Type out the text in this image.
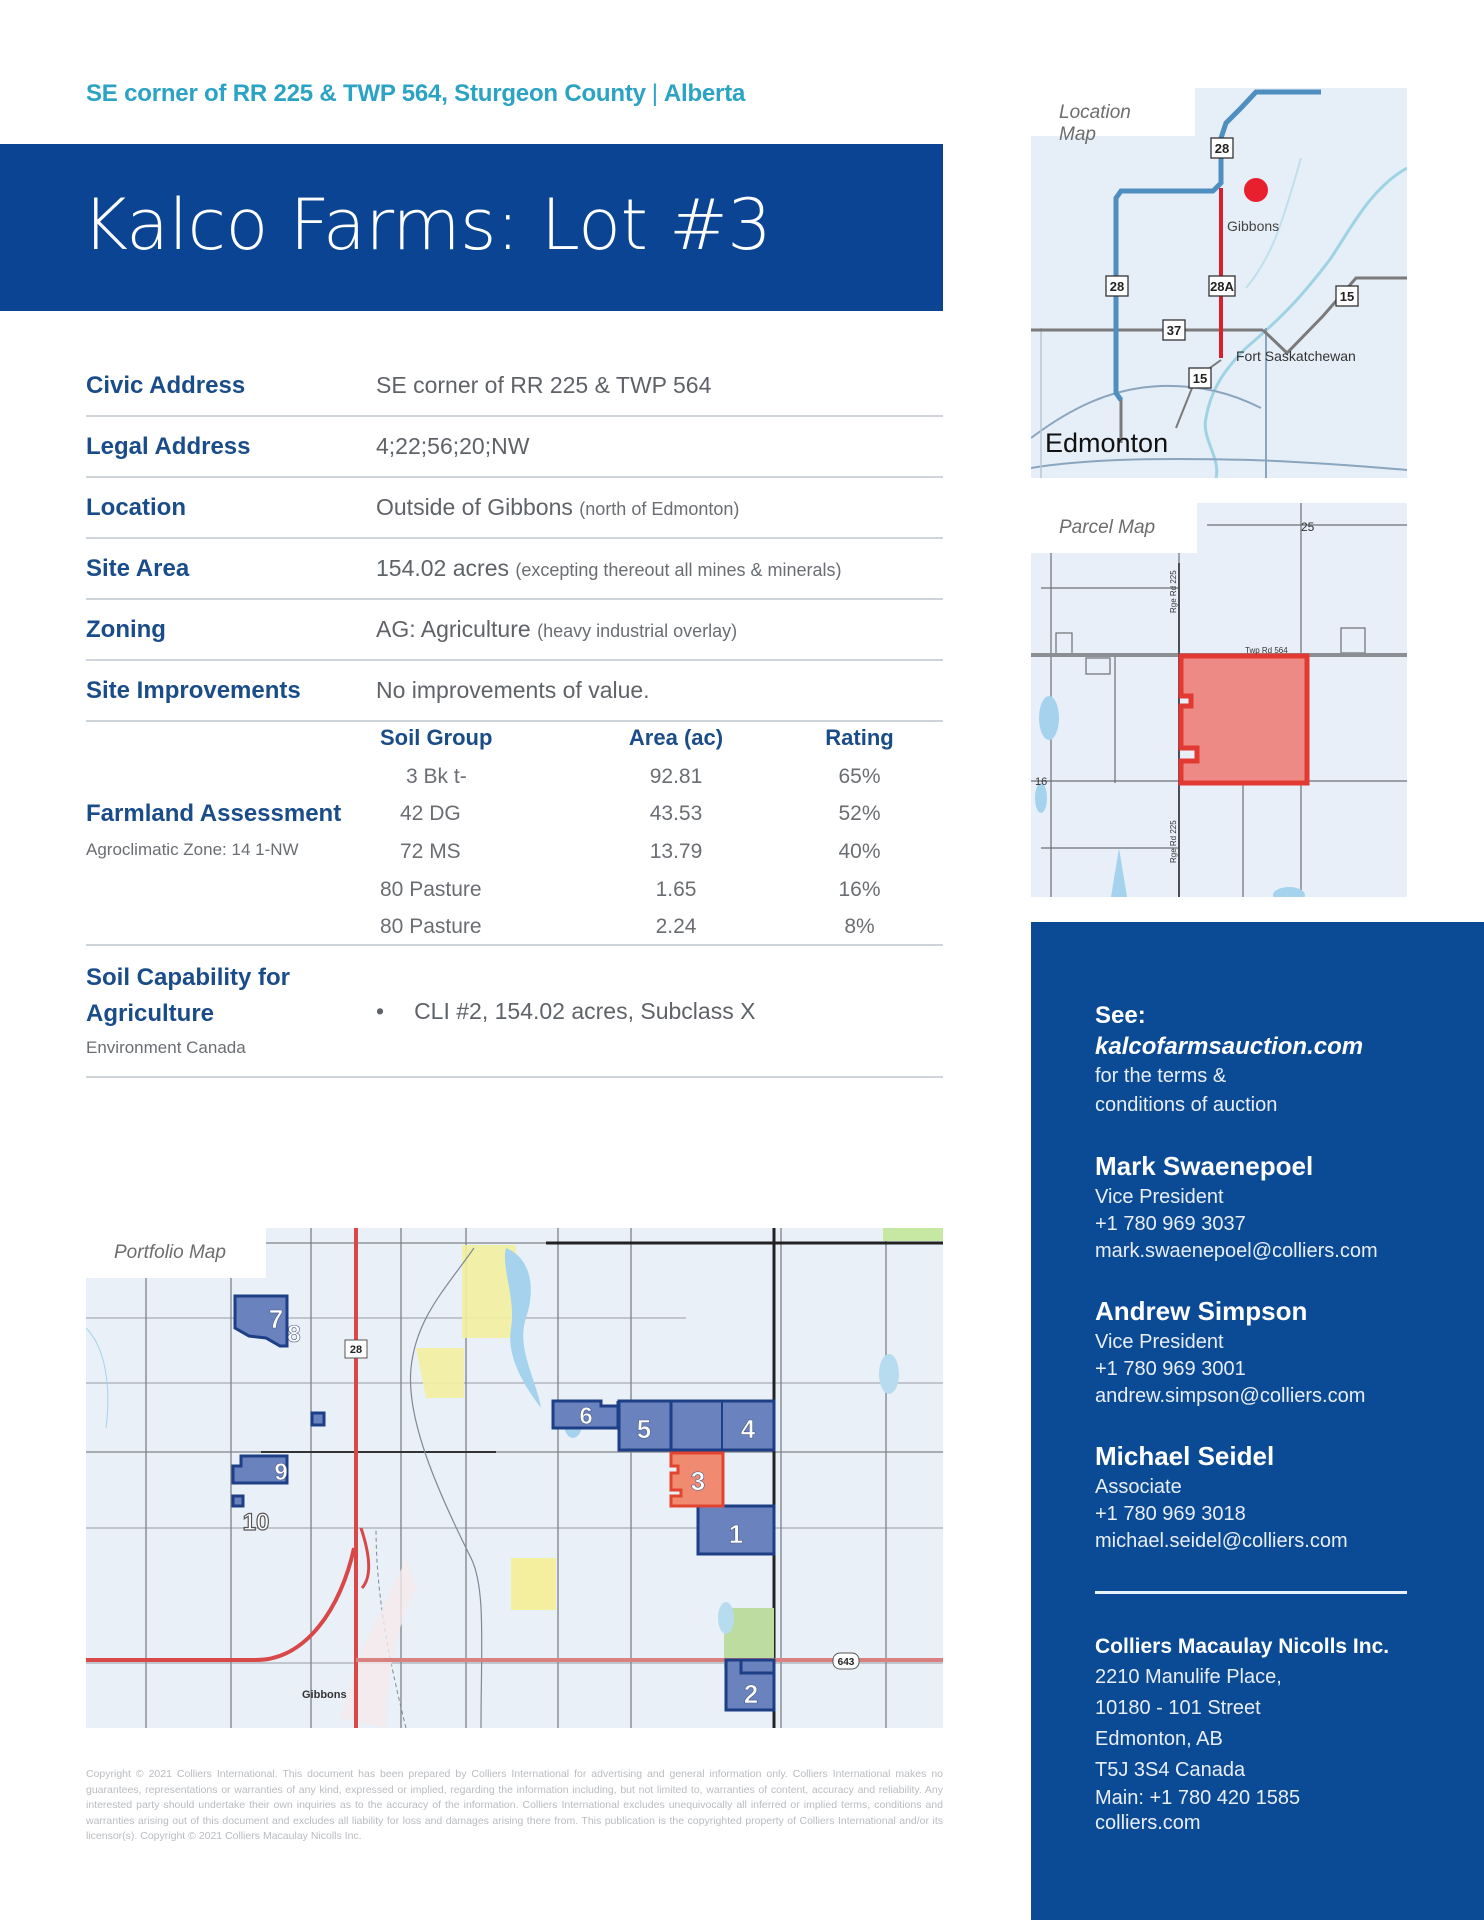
SE corner of RR 225 & TWP 564, Sturgeon County | Alberta
Kalco Farms: Lot #3
Civic Address	SE corner of RR 225 & TWP 564
Legal Address	4;22;56;20;NW
Location	Outside of Gibbons (north of Edmonton)
Site Area	154.02 acres (excepting thereout all mines & minerals)
Zoning	AG: Agriculture (heavy industrial overlay)
Site Improvements	No improvements of value.
Farmland Assessment
Agroclimatic Zone: 14 1-NW
Soil Group	Area (ac)	Rating
3 Bk t-	92.81	65%
42 DG	43.53	52%
72 MS	13.79	40%
80 Pasture	1.65	16%
80 Pasture	2.24	8%
Soil Capability for Agriculture
Environment Canada
• CLI #2, 154.02 acres, Subclass X
28
28	28A
37
15
15
Location Map
Gibbons
Fort Saskatchewan
Edmonton
Twp Rd 564
25
16
Rge Rd 225
Rge Rd 225
Parcel Map
7
8
9
10
5	4
6
3
1
2
28
643
Gibbons
Portfolio Map
See:
kalcofarmsauction.com
for the terms &
conditions of auction
Mark Swaenepoel
Vice President
+1 780 969 3037
mark.swaenepoel@colliers.com
Andrew Simpson
Vice President
+1 780 969 3001
andrew.simpson@colliers.com
Michael Seidel
Associate
+1 780 969 3018
michael.seidel@colliers.com
Colliers Macaulay Nicolls Inc.
2210 Manulife Place,
10180 - 101 Street
Edmonton, AB
T5J 3S4 Canada
Main: +1 780 420 1585
colliers.com
Copyright © 2021 Colliers International. This document has been prepared by Colliers International for advertising and general information only. Colliers International makes no guarantees, representations or warranties of any kind, expressed or implied, regarding the information including, but not limited to, warranties of content, accuracy and reliability. Any interested party should undertake their own inquiries as to the accuracy of the information. Colliers International excludes unequivocally all inferred or implied terms, conditions and warranties arising out of this document and excludes all liability for loss and damages arising there from. This publication is the copyrighted property of Colliers International and/or its licensor(s). Copyright © 2021 Colliers Macaulay Nicolls Inc.
